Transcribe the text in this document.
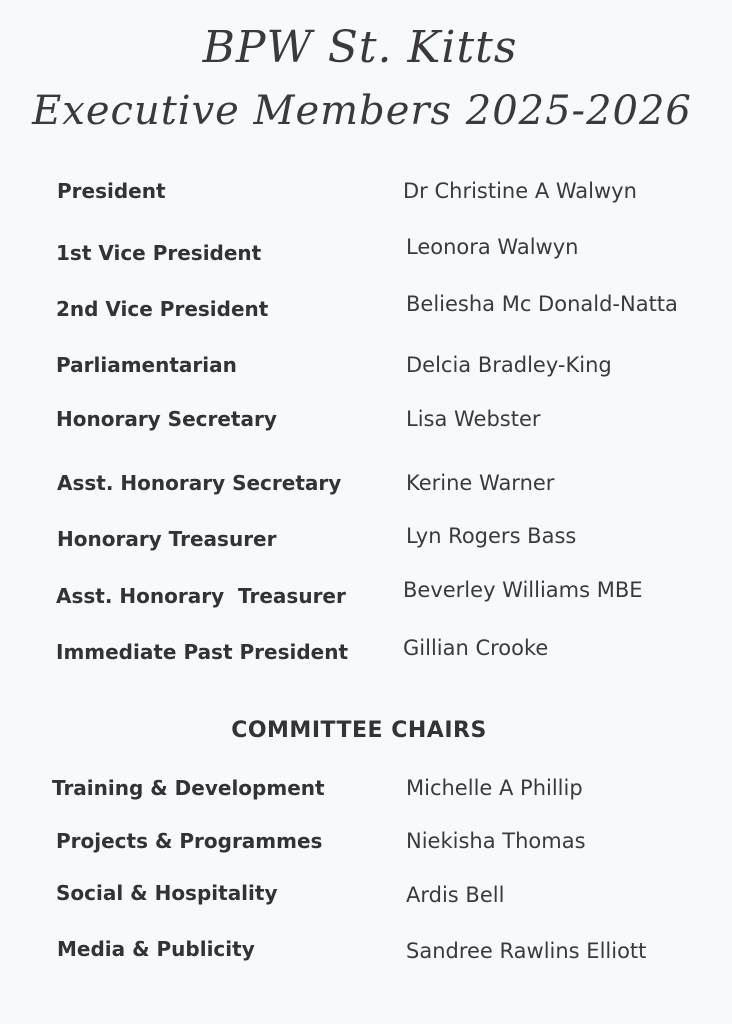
BPW St. Kitts
Executive Members 2025-2026
President	Dr Christine A Walwyn
1st Vice President	Leonora Walwyn
2nd Vice President	Beliesha Mc Donald-Natta
Parliamentarian	Delcia Bradley-King
Honorary Secretary	Lisa Webster
Asst. Honorary Secretary	Kerine Warner
Honorary Treasurer	Lyn Rogers Bass
Asst. Honorary  Treasurer	Beverley Williams MBE
Immediate Past President	Gillian Crooke
COMMITTEE CHAIRS
Training & Development	Michelle A Phillip
Projects & Programmes	Niekisha Thomas
Social & Hospitality	Ardis Bell
Media & Publicity	Sandree Rawlins Elliott
